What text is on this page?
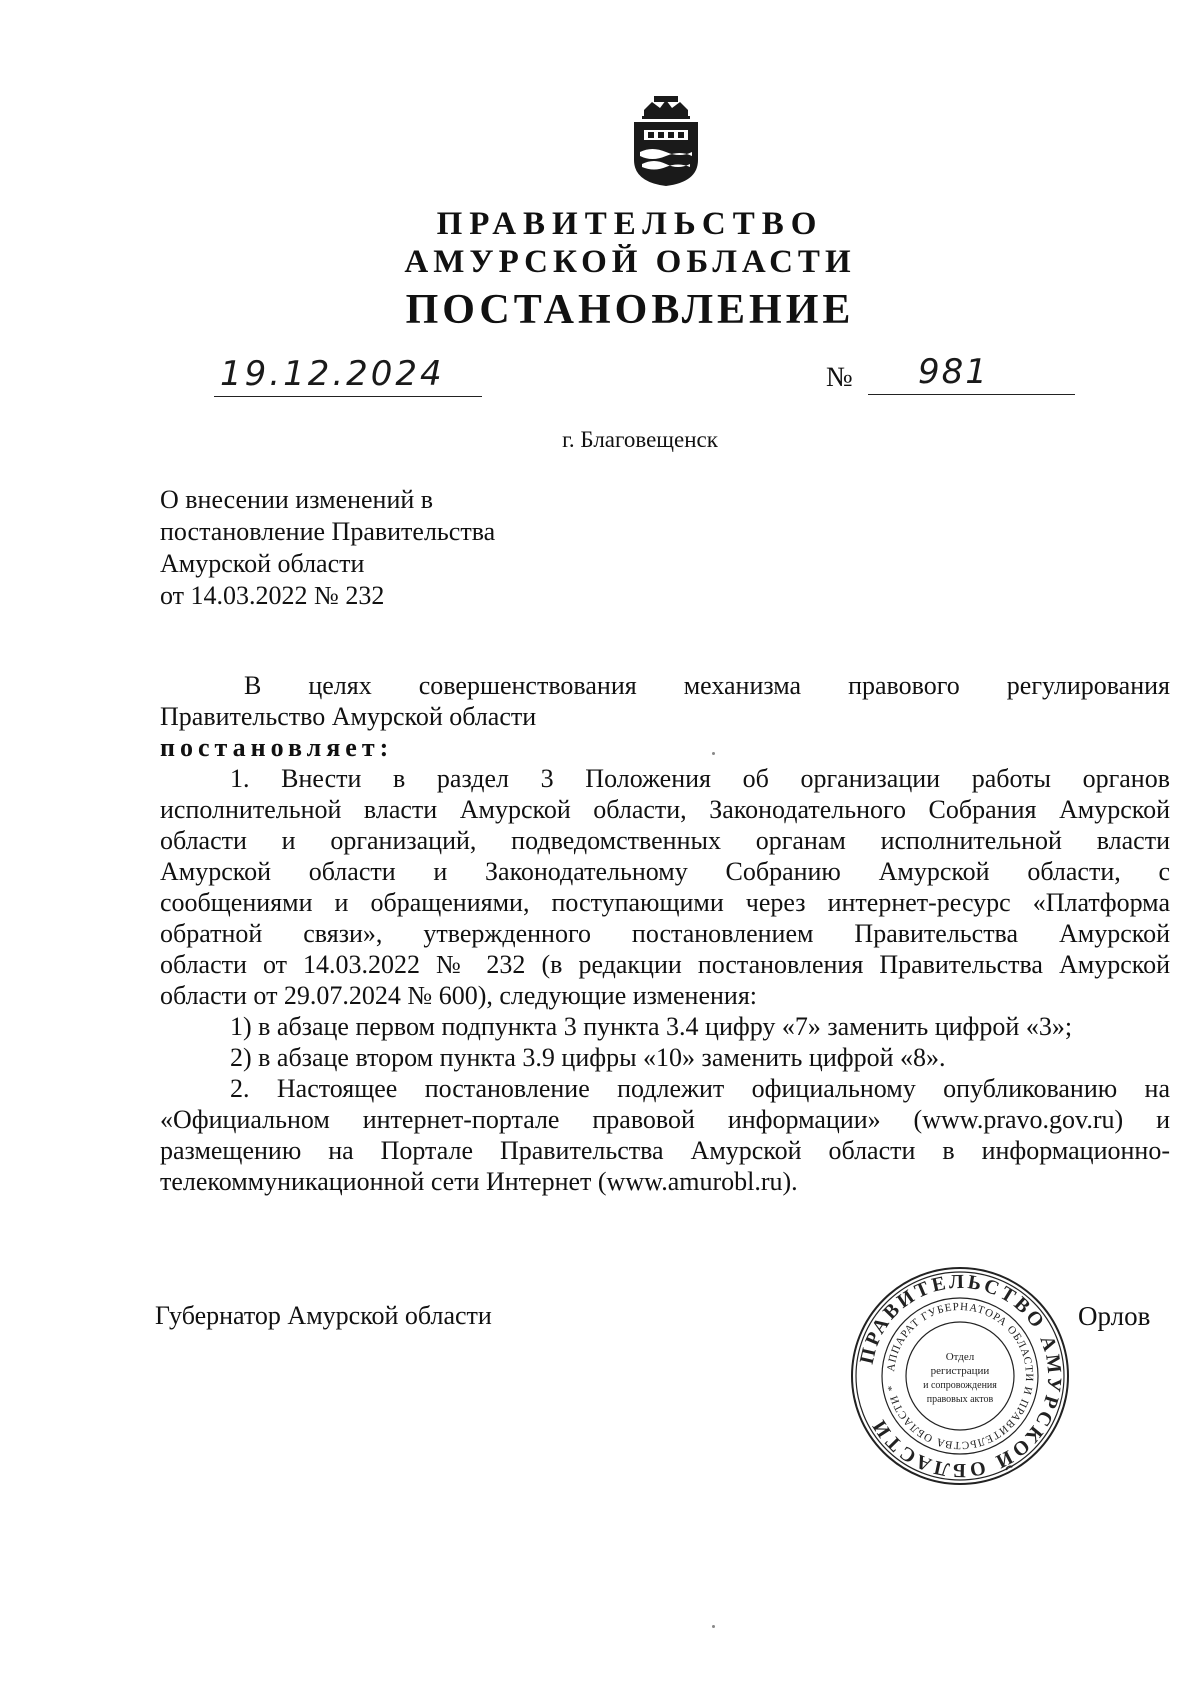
ПРАВИТЕЛЬСТВО
АМУРСКОЙ ОБЛАСТИ
ПОСТАНОВЛЕНИЕ
19.12.2024	№ 981
г. Благовещенск
О внесении изменений в
постановление Правительства
Амурской области
от 14.03.2022 № 232
В целях совершенствования механизма правового регулирования
Правительство Амурской области
постановляет:
1. Внести в раздел 3 Положения об организации работы органов
исполнительной власти Амурской области, Законодательного Собрания Амурской
области и организаций, подведомственных органам исполнительной власти
Амурской области и Законодательному Собранию Амурской области, с
сообщениями и обращениями, поступающими через интернет-ресурс «Платформа
обратной связи», утвержденного постановлением Правительства Амурской
области от 14.03.2022 № 232 (в редакции постановления Правительства Амурской
области от 29.07.2024 № 600), следующие изменения:
1) в абзаце первом подпункта 3 пункта 3.4 цифру «7» заменить цифрой «3»;
2) в абзаце втором пункта 3.9 цифры «10» заменить цифрой «8».
2. Настоящее постановление подлежит официальному опубликованию на
«Официальном интернет-портале правовой информации» (www.pravo.gov.ru) и
размещению на Портале Правительства Амурской области в информационно-
телекоммуникационной сети Интернет (www.amurobl.ru).
Губернатор Амурской области	Орлов
ПРАВИТЕЛЬСТВО АМУРСКОЙ ОБЛАСТИ
АППАРАТ ГУБЕРНАТОРА ОБЛАСТИ И ПРАВИТЕЛЬСТВА ОБЛАСТИ *
Отдел
регистрации
и сопровождения
правовых актов
